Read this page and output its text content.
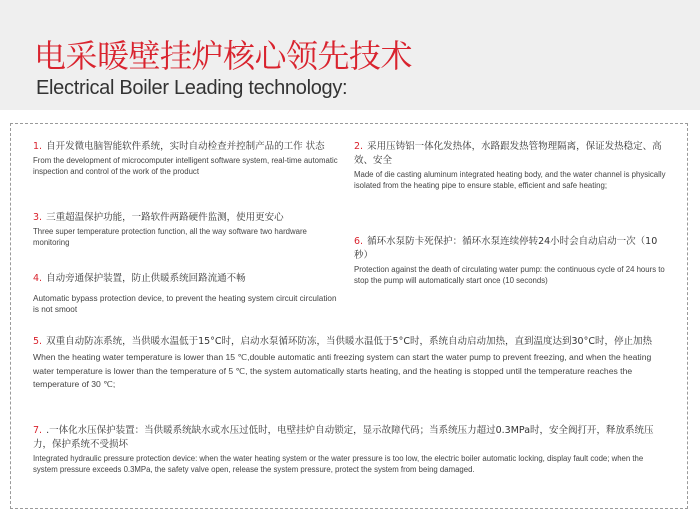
电采暖壁挂炉核心领先技术
Electrical Boiler Leading technology:
1. 自开发微电脑智能软件系统，实时自动检查并控制产品的工作 状态
From the development of microcomputer intelligent software system, real-time automatic inspection and control of the work of the product
2. 采用压铸铝一体化发热体，水路跟发热管物理隔离，保证发热稳定、高效、安全
Made of die casting aluminum integrated heating body, and the water channel is physically isolated from the heating pipe to ensure stable, efficient and safe heating;
3. 三重超温保护功能，一路软件两路硬件监测，使用更安心
Three super temperature protection function, all the way software two hardware monitoring	6. 循环水泵防卡死保护：循环水泵连续停转24小时会自动启动一次（10秒）
Protection against the death of circulating water pump: the continuous cycle of 24 hours to stop the pump will automatically start once (10 seconds)
4. 自动旁通保护装置，防止供暖系统回路流通不畅
Automatic bypass protection device, to prevent the heating system circuit circulation is not smoot
5. 双重自动防冻系统，当供暖水温低于15°C时，启动水泵循环防冻，当供暖水温低于5°C时，系统自动启动加热，直到温度达到30°C时，停止加热
When the heating water temperature is lower than 15 ℃,double automatic anti freezing system can start the water pump to prevent freezing, and when the heating water temperature is lower than the temperature of 5 ℃, the system automatically starts heating, and the heating is stopped until the temperature reaches the temperature of 30 ℃;
7. .一体化水压保护装置：当供暖系统缺水或水压过低时，电壁挂炉自动锁定，显示故障代码；当系统压力超过0.3MPa时，安全阀打开，释放系统压力，保护系统不受损坏
Integrated hydraulic pressure protection device: when the water heating system or the water pressure is too low, the electric boiler automatic locking, display fault code; when the system pressure exceeds 0.3MPa, the safety valve open, release the system pressure, protect the system from being damaged.
